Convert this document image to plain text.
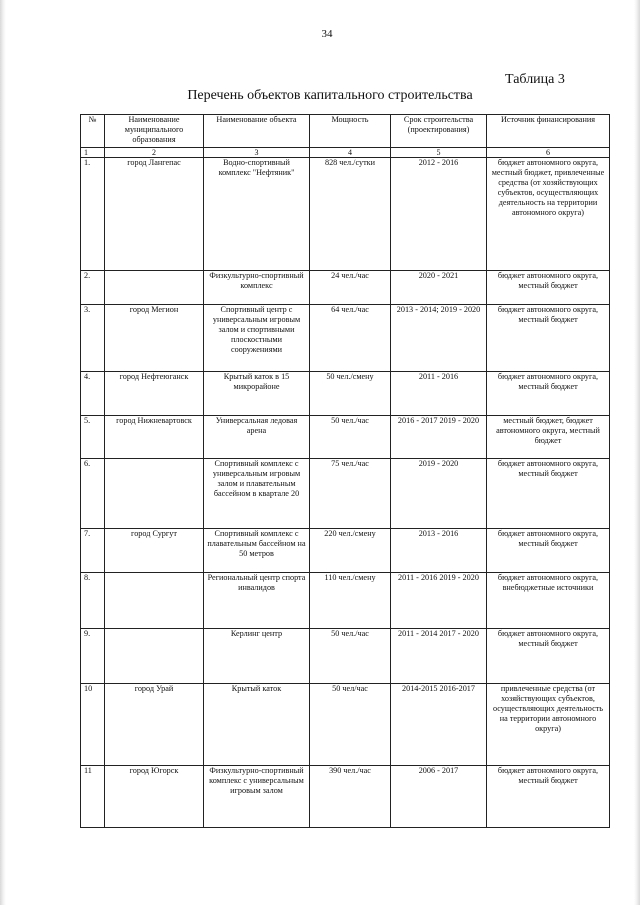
34
Таблица 3
Перечень объектов капитального строительства
№	Наименование муниципального образования	Наименование объекта	Мощность	Срок строительства (проектирования)	Источник финансирования
1	2	3	4	5	6
1.	город Лангепас	Водно-спортивный комплекс "Нефтяник"	828 чел./сутки	2012 - 2016	бюджет автономного округа, местный бюджет, привлеченные средства (от хозяйствующих субъектов, осуществляющих деятельность на территории автономного округа)
2.		Физкультурно-спортивный комплекс	24 чел./час	2020 - 2021	бюджет автономного округа, местный бюджет
3.	город Мегион	Спортивный центр с универсальным игровым залом и спортивными плоскостными сооружениями	64 чел./час	2013 - 2014; 2019 - 2020	бюджет автономного округа, местный бюджет
4.	город Нефтеюганск	Крытый каток в 15 микрорайоне	50 чел./смену	2011 - 2016	бюджет автономного округа, местный бюджет
5.	город Нижневартовск	Универсальная ледовая арена	50 чел./час	2016 - 2017 2019 - 2020	местный бюджет, бюджет автономного округа, местный бюджет
6.		Спортивный комплекс с универсальным игровым залом и плавательным бассейном в квартале 20	75 чел./час	2019 - 2020	бюджет автономного округа, местный бюджет
7.	город Сургут	Спортивный комплекс с плавательным бассейном на 50 метров	220 чел./смену	2013 - 2016	бюджет автономного округа, местный бюджет
8.		Региональный центр спорта инвалидов	110 чел./смену	2011 - 2016 2019 - 2020	бюджет автономного округа, внебюджетные источники
9.		Керлинг центр	50 чел./час	2011 - 2014 2017 - 2020	бюджет автономного округа, местный бюджет
10	город Урай	Крытый каток	50 чел/час	2014-2015 2016-2017	привлеченные средства (от хозяйствующих субъектов, осуществляющих деятельность на территории автономного округа)
11	город Югорск	Физкультурно-спортивный комплекс с универсальным игровым залом	390 чел./час	2006 - 2017	бюджет автономного округа, местный бюджет
